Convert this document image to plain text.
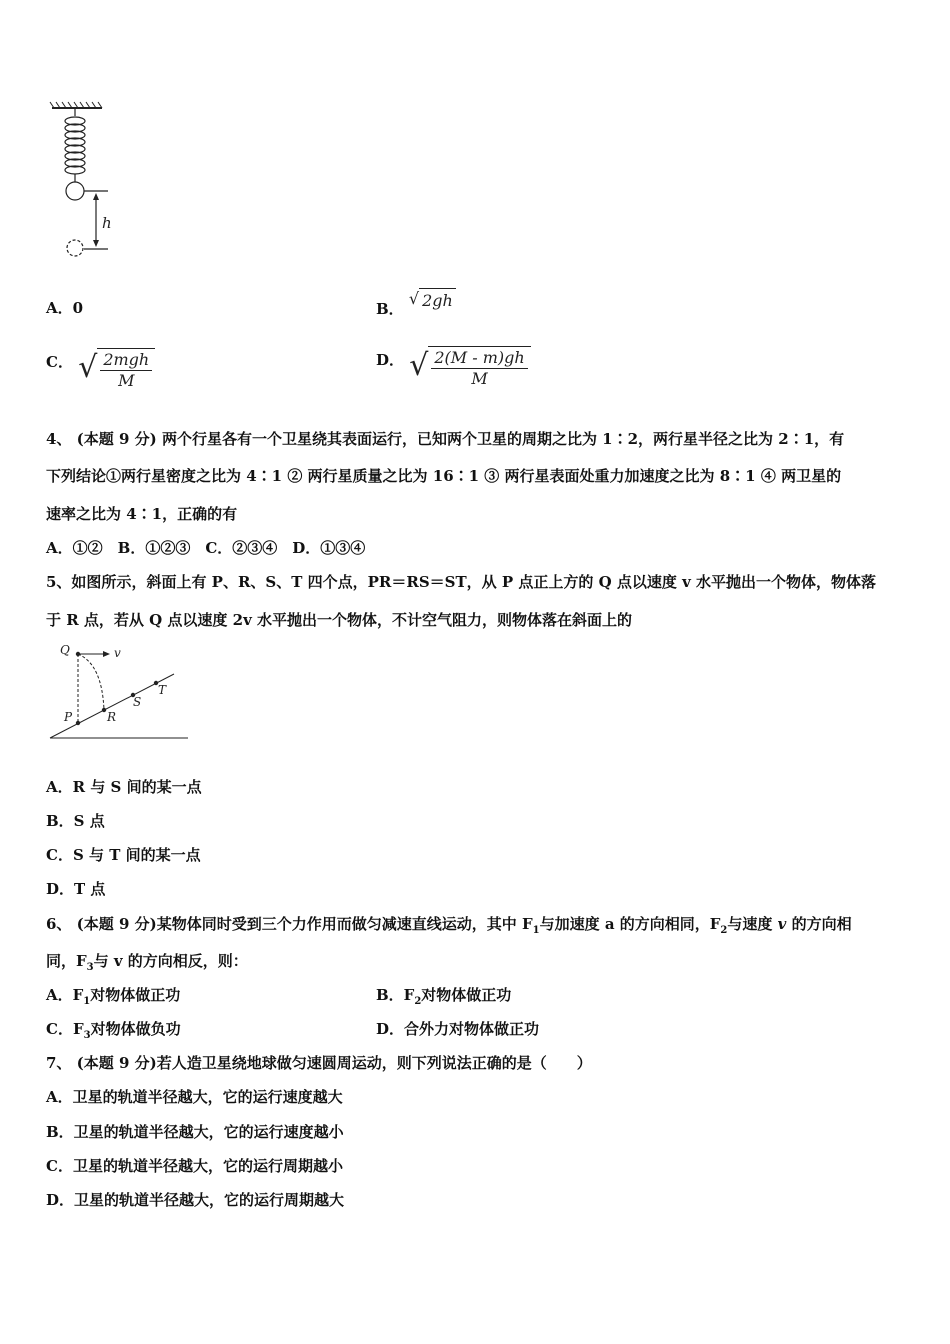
h
A．0	B．
√ 2gh
C． √ $\frac{\text{2mgh}}{M}$	D． √ $\frac{2(M - m)gh}{M}$
4、 (本题 9 分) 两个行星各有一个卫星绕其表面运行，已知两个卫星的周期之比为 1∶2，两行星半径之比为 2∶1，有
下列结论①两行星密度之比为 4∶1 ② 两行星质量之比为 16∶1 ③ 两行星表面处重力加速度之比为 8∶1 ④ 两卫星的
速率之比为 4∶1，正确的有
A．①②　B．①②③　C．②③④　D．①③④
5、如图所示，斜面上有 P、R、S、T 四个点，PR＝RS＝ST，从 P 点正上方的 Q 点以速度 v 水平抛出一个物体，物体落
于 R 点，若从 Q 点以速度 2v 水平抛出一个物体，不计空气阻力，则物体落在斜面上的
Q	v
P	R
S
T
A．R 与 S 间的某一点
B．S 点
C．S 与 T 间的某一点
D．T 点
6、 (本题 9 分)某物体同时受到三个力作用而做匀减速直线运动，其中 $F_1$与加速度 a 的方向相同，$F_2$与速度 v 的方向相
同，$F_3$与 v 的方向相反，则：
A．$F_1$对物体做正功	B．$F_2$对物体做正功
C．$F_3$对物体做负功	D．合外力对物体做正功
7、 (本题 9 分)若人造卫星绕地球做匀速圆周运动，则下列说法正确的是（　　）
A．卫星的轨道半径越大，它的运行速度越大
B．卫星的轨道半径越大，它的运行速度越小
C．卫星的轨道半径越大，它的运行周期越小
D．卫星的轨道半径越大，它的运行周期越大
